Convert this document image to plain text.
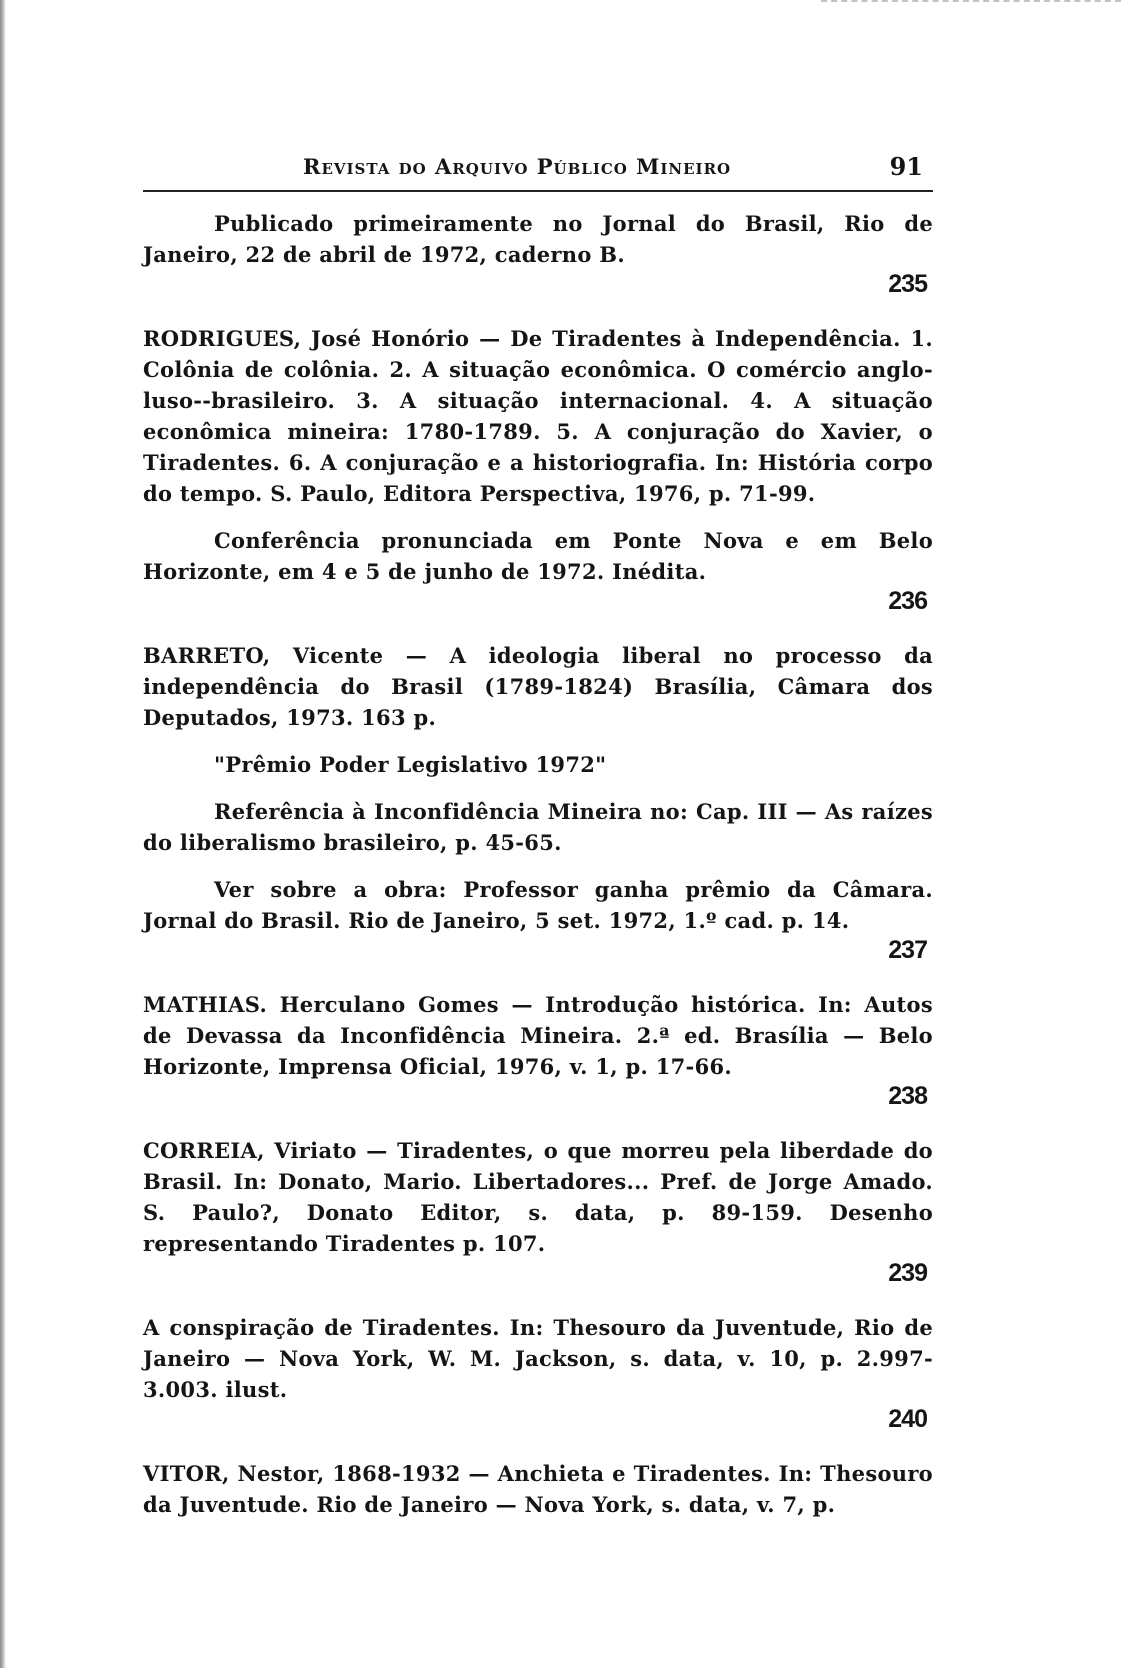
Revista do Arquivo Público Mineiro	91

Publicado primeiramente no Jornal do Brasil, Rio de Janeiro, 22 de abril de 1972, caderno B.

235

RODRIGUES, José Honório — De Tiradentes à Independência. 1. Colônia de colônia. 2. A situação econômica. O comércio anglo-luso--brasileiro. 3. A situação internacional. 4. A situação econômica mineira: 1780-1789. 5. A conjuração do Xavier, o Tiradentes. 6. A conjuração e a historiografia. In: História corpo do tempo. S. Paulo, Editora Perspectiva, 1976, p. 71-99.

Conferência pronunciada em Ponte Nova e em Belo Horizonte, em 4 e 5 de junho de 1972. Inédita.

236

BARRETO, Vicente — A ideologia liberal no processo da independência do Brasil (1789-1824) Brasília, Câmara dos Deputados, 1973. 163 p.

"Prêmio Poder Legislativo 1972"

Referência à Inconfidência Mineira no: Cap. III — As raízes do liberalismo brasileiro, p. 45-65.

Ver sobre a obra: Professor ganha prêmio da Câmara. Jornal do Brasil. Rio de Janeiro, 5 set. 1972, 1.º cad. p. 14.

237

MATHIAS. Herculano Gomes — Introdução histórica. In: Autos de Devassa da Inconfidência Mineira. 2.ª ed. Brasília — Belo Horizonte, Imprensa Oficial, 1976, v. 1, p. 17-66.

238

CORREIA, Viriato — Tiradentes, o que morreu pela liberdade do Brasil. In: Donato, Mario. Libertadores... Pref. de Jorge Amado. S. Paulo?, Donato Editor, s. data, p. 89-159. Desenho representando Tiradentes p. 107.

239

A conspiração de Tiradentes. In: Thesouro da Juventude, Rio de Janeiro — Nova York, W. M. Jackson, s. data, v. 10, p. 2.997-3.003. ilust.

240

VITOR, Nestor, 1868-1932 — Anchieta e Tiradentes. In: Thesouro da Juventude. Rio de Janeiro — Nova York, s. data, v. 7, p.
